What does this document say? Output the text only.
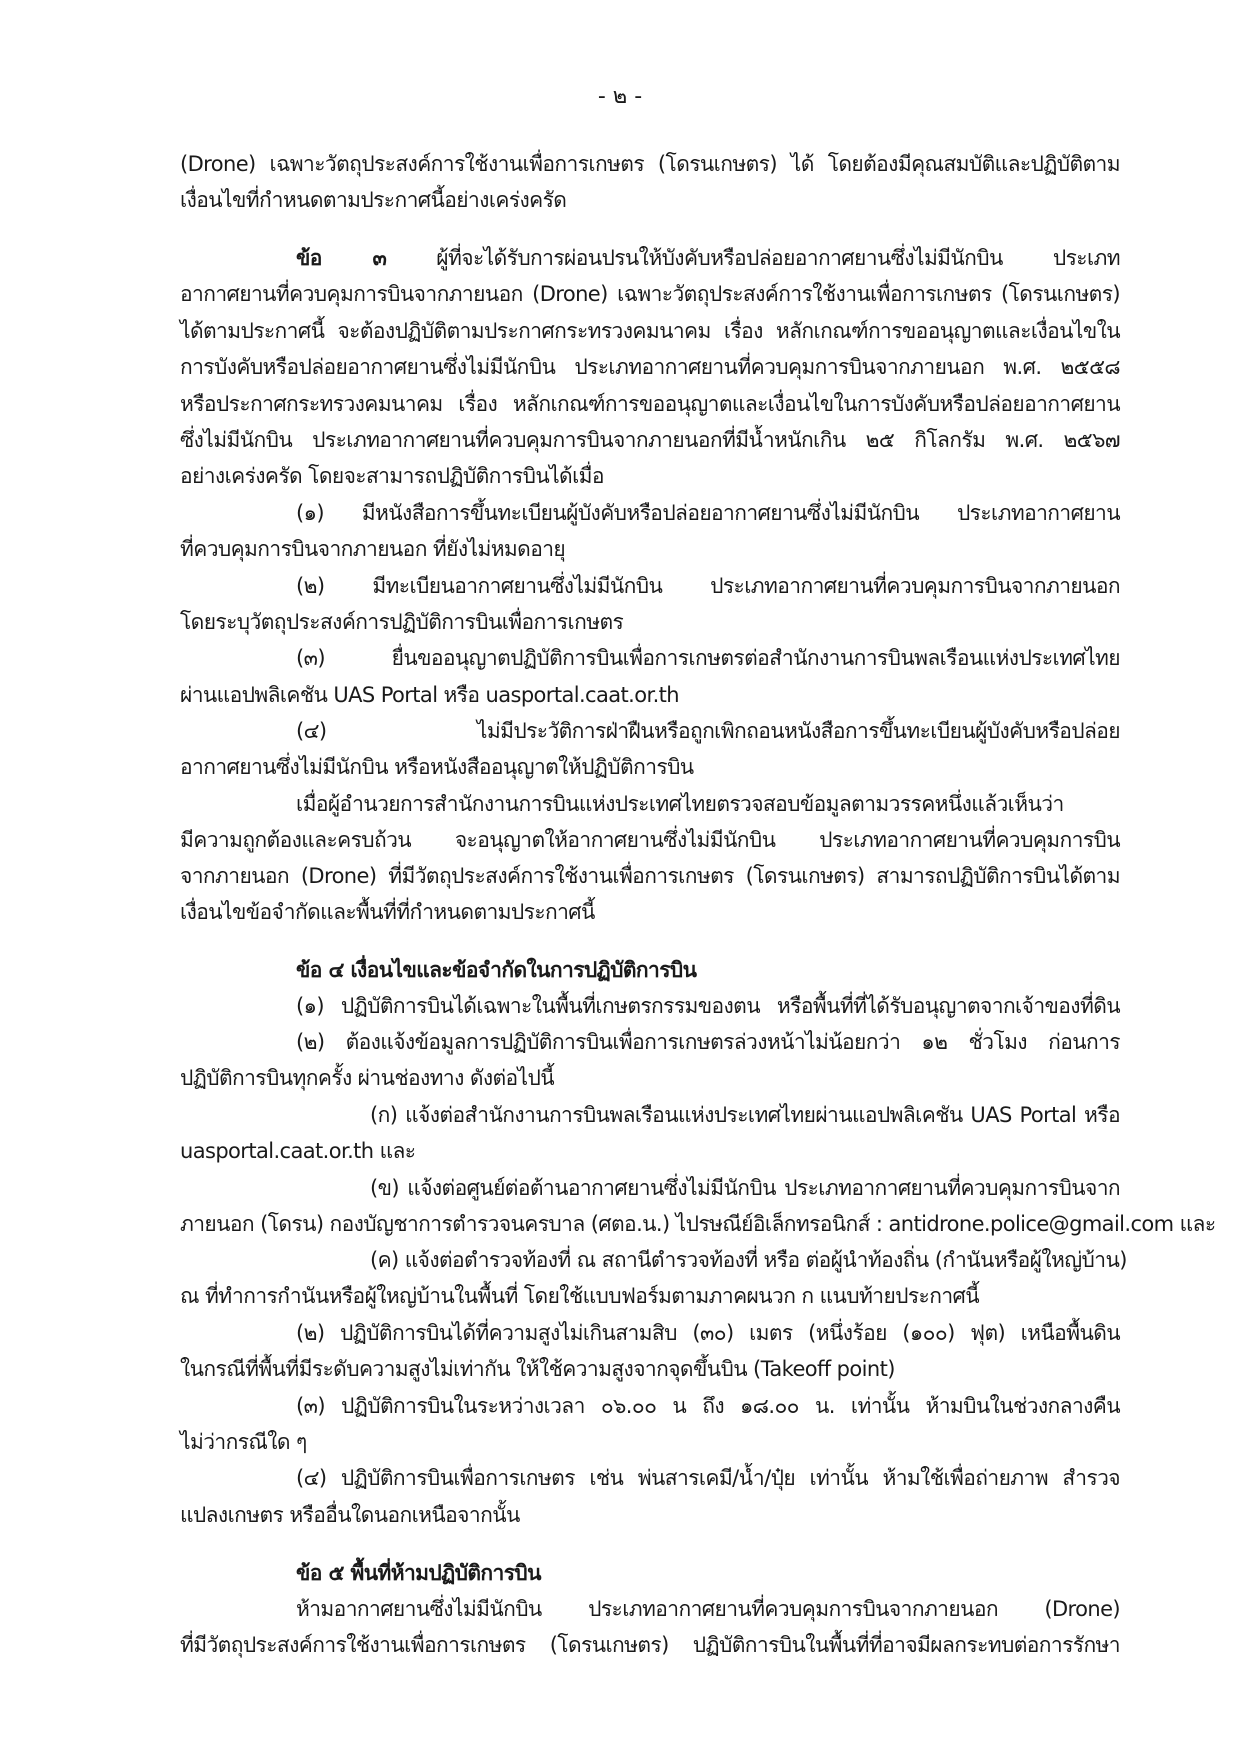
- ๒ -
(Drone) เฉพาะวัตถุประสงค์การใช้งานเพื่อการเกษตร (โดรนเกษตร) ได้ โดยต้องมีคุณสมบัติและปฏิบัติตาม
เงื่อนไขที่กำหนดตามประกาศนี้อย่างเคร่งครัด
ข้อ ๓ ผู้ที่จะได้รับการผ่อนปรนให้บังคับหรือปล่อยอากาศยานซึ่งไม่มีนักบิน ประเภท
อากาศยานที่ควบคุมการบินจากภายนอก (Drone) เฉพาะวัตถุประสงค์การใช้งานเพื่อการเกษตร (โดรนเกษตร)
ได้ตามประกาศนี้ จะต้องปฏิบัติตามประกาศกระทรวงคมนาคม เรื่อง หลักเกณฑ์การขออนุญาตและเงื่อนไขใน
การบังคับหรือปล่อยอากาศยานซึ่งไม่มีนักบิน ประเภทอากาศยานที่ควบคุมการบินจากภายนอก พ.ศ. ๒๕๕๘
หรือประกาศกระทรวงคมนาคม เรื่อง หลักเกณฑ์การขออนุญาตและเงื่อนไขในการบังคับหรือปล่อยอากาศยาน
ซึ่งไม่มีนักบิน ประเภทอากาศยานที่ควบคุมการบินจากภายนอกที่มีน้ำหนักเกิน ๒๕ กิโลกรัม พ.ศ. ๒๕๖๗
อย่างเคร่งครัด โดยจะสามารถปฏิบัติการบินได้เมื่อ
(๑) มีหนังสือการขึ้นทะเบียนผู้บังคับหรือปล่อยอากาศยานซึ่งไม่มีนักบิน ประเภทอากาศยาน
ที่ควบคุมการบินจากภายนอก ที่ยังไม่หมดอายุ
(๒) มีทะเบียนอากาศยานซึ่งไม่มีนักบิน ประเภทอากาศยานที่ควบคุมการบินจากภายนอก
โดยระบุวัตถุประสงค์การปฏิบัติการบินเพื่อการเกษตร
(๓) ยื่นขออนุญาตปฏิบัติการบินเพื่อการเกษตรต่อสำนักงานการบินพลเรือนแห่งประเทศไทย
ผ่านแอปพลิเคชัน UAS Portal หรือ uasportal.caat.or.th
(๔) ไม่มีประวัติการฝ่าฝืนหรือถูกเพิกถอนหนังสือการขึ้นทะเบียนผู้บังคับหรือปล่อย
อากาศยานซึ่งไม่มีนักบิน หรือหนังสืออนุญาตให้ปฏิบัติการบิน
เมื่อผู้อำนวยการสำนักงานการบินแห่งประเทศไทยตรวจสอบข้อมูลตามวรรคหนึ่งแล้วเห็นว่า
มีความถูกต้องและครบถ้วน จะอนุญาตให้อากาศยานซึ่งไม่มีนักบิน ประเภทอากาศยานที่ควบคุมการบิน
จากภายนอก (Drone) ที่มีวัตถุประสงค์การใช้งานเพื่อการเกษตร (โดรนเกษตร) สามารถปฏิบัติการบินได้ตาม
เงื่อนไขข้อจำกัดและพื้นที่ที่กำหนดตามประกาศนี้
ข้อ ๔ เงื่อนไขและข้อจำกัดในการปฏิบัติการบิน
(๑) ปฏิบัติการบินได้เฉพาะในพื้นที่เกษตรกรรมของตน หรือพื้นที่ที่ได้รับอนุญาตจากเจ้าของที่ดิน
(๒) ต้องแจ้งข้อมูลการปฏิบัติการบินเพื่อการเกษตรล่วงหน้าไม่น้อยกว่า ๑๒ ชั่วโมง ก่อนการ
ปฏิบัติการบินทุกครั้ง ผ่านช่องทาง ดังต่อไปนี้
(ก) แจ้งต่อสำนักงานการบินพลเรือนแห่งประเทศไทยผ่านแอปพลิเคชัน UAS Portal หรือ
uasportal.caat.or.th และ
(ข) แจ้งต่อศูนย์ต่อต้านอากาศยานซึ่งไม่มีนักบิน ประเภทอากาศยานที่ควบคุมการบินจาก
ภายนอก (โดรน) กองบัญชาการตำรวจนครบาล (ศตอ.น.) ไปรษณีย์อิเล็กทรอนิกส์ : antidrone.police@gmail.com และ
(ค) แจ้งต่อตำรวจท้องที่ ณ สถานีตำรวจท้องที่ หรือ ต่อผู้นำท้องถิ่น (กำนันหรือผู้ใหญ่บ้าน)
ณ ที่ทำการกำนันหรือผู้ใหญ่บ้านในพื้นที่ โดยใช้แบบฟอร์มตามภาคผนวก ก แนบท้ายประกาศนี้
(๒) ปฏิบัติการบินได้ที่ความสูงไม่เกินสามสิบ (๓๐) เมตร (หนึ่งร้อย (๑๐๐) ฟุต) เหนือพื้นดิน
ในกรณีที่พื้นที่มีระดับความสูงไม่เท่ากัน ให้ใช้ความสูงจากจุดขึ้นบิน (Takeoff point)
(๓) ปฏิบัติการบินในระหว่างเวลา ๐๖.๐๐ น ถึง ๑๘.๐๐ น. เท่านั้น ห้ามบินในช่วงกลางคืน
ไม่ว่ากรณีใด ๆ
(๔) ปฏิบัติการบินเพื่อการเกษตร เช่น พ่นสารเคมี/น้ำ/ปุ๋ย เท่านั้น ห้ามใช้เพื่อถ่ายภาพ สำรวจ
แปลงเกษตร หรืออื่นใดนอกเหนือจากนั้น
ข้อ ๕ พื้นที่ห้ามปฏิบัติการบิน
ห้ามอากาศยานซึ่งไม่มีนักบิน ประเภทอากาศยานที่ควบคุมการบินจากภายนอก (Drone)
ที่มีวัตถุประสงค์การใช้งานเพื่อการเกษตร (โดรนเกษตร) ปฏิบัติการบินในพื้นที่ที่อาจมีผลกระทบต่อการรักษา
